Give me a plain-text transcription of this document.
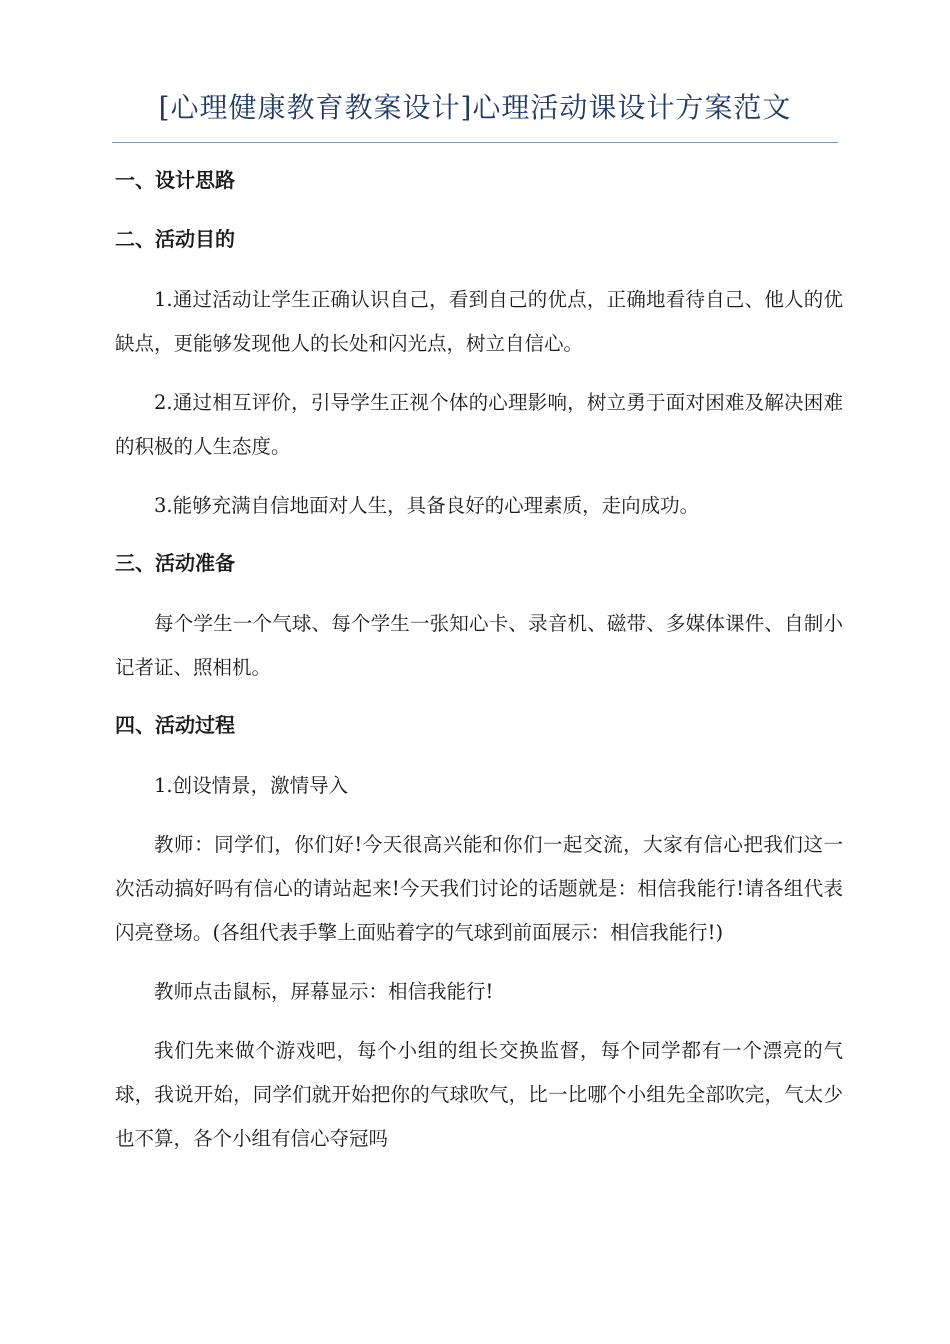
[心理健康教育教案设计]心理活动课设计方案范文
一、设计思路
二、活动目的
1.通过活动让学生正确认识自己，看到自己的优点，正确地看待自己、他人的优缺点，更能够发现他人的长处和闪光点，树立自信心。
2.通过相互评价，引导学生正视个体的心理影响，树立勇于面对困难及解决困难的积极的人生态度。
3.能够充满自信地面对人生，具备良好的心理素质，走向成功。
三、活动准备
每个学生一个气球、每个学生一张知心卡、录音机、磁带、多媒体课件、自制小记者证、照相机。
四、活动过程
1.创设情景，激情导入
教师：同学们，你们好!今天很高兴能和你们一起交流，大家有信心把我们这一次活动搞好吗有信心的请站起来!今天我们讨论的话题就是：相信我能行!请各组代表闪亮登场。(各组代表手擎上面贴着字的气球到前面展示：相信我能行!)
教师点击鼠标，屏幕显示：相信我能行!
我们先来做个游戏吧，每个小组的组长交换监督，每个同学都有一个漂亮的气球，我说开始，同学们就开始把你的气球吹气，比一比哪个小组先全部吹完，气太少也不算，各个小组有信心夺冠吗
